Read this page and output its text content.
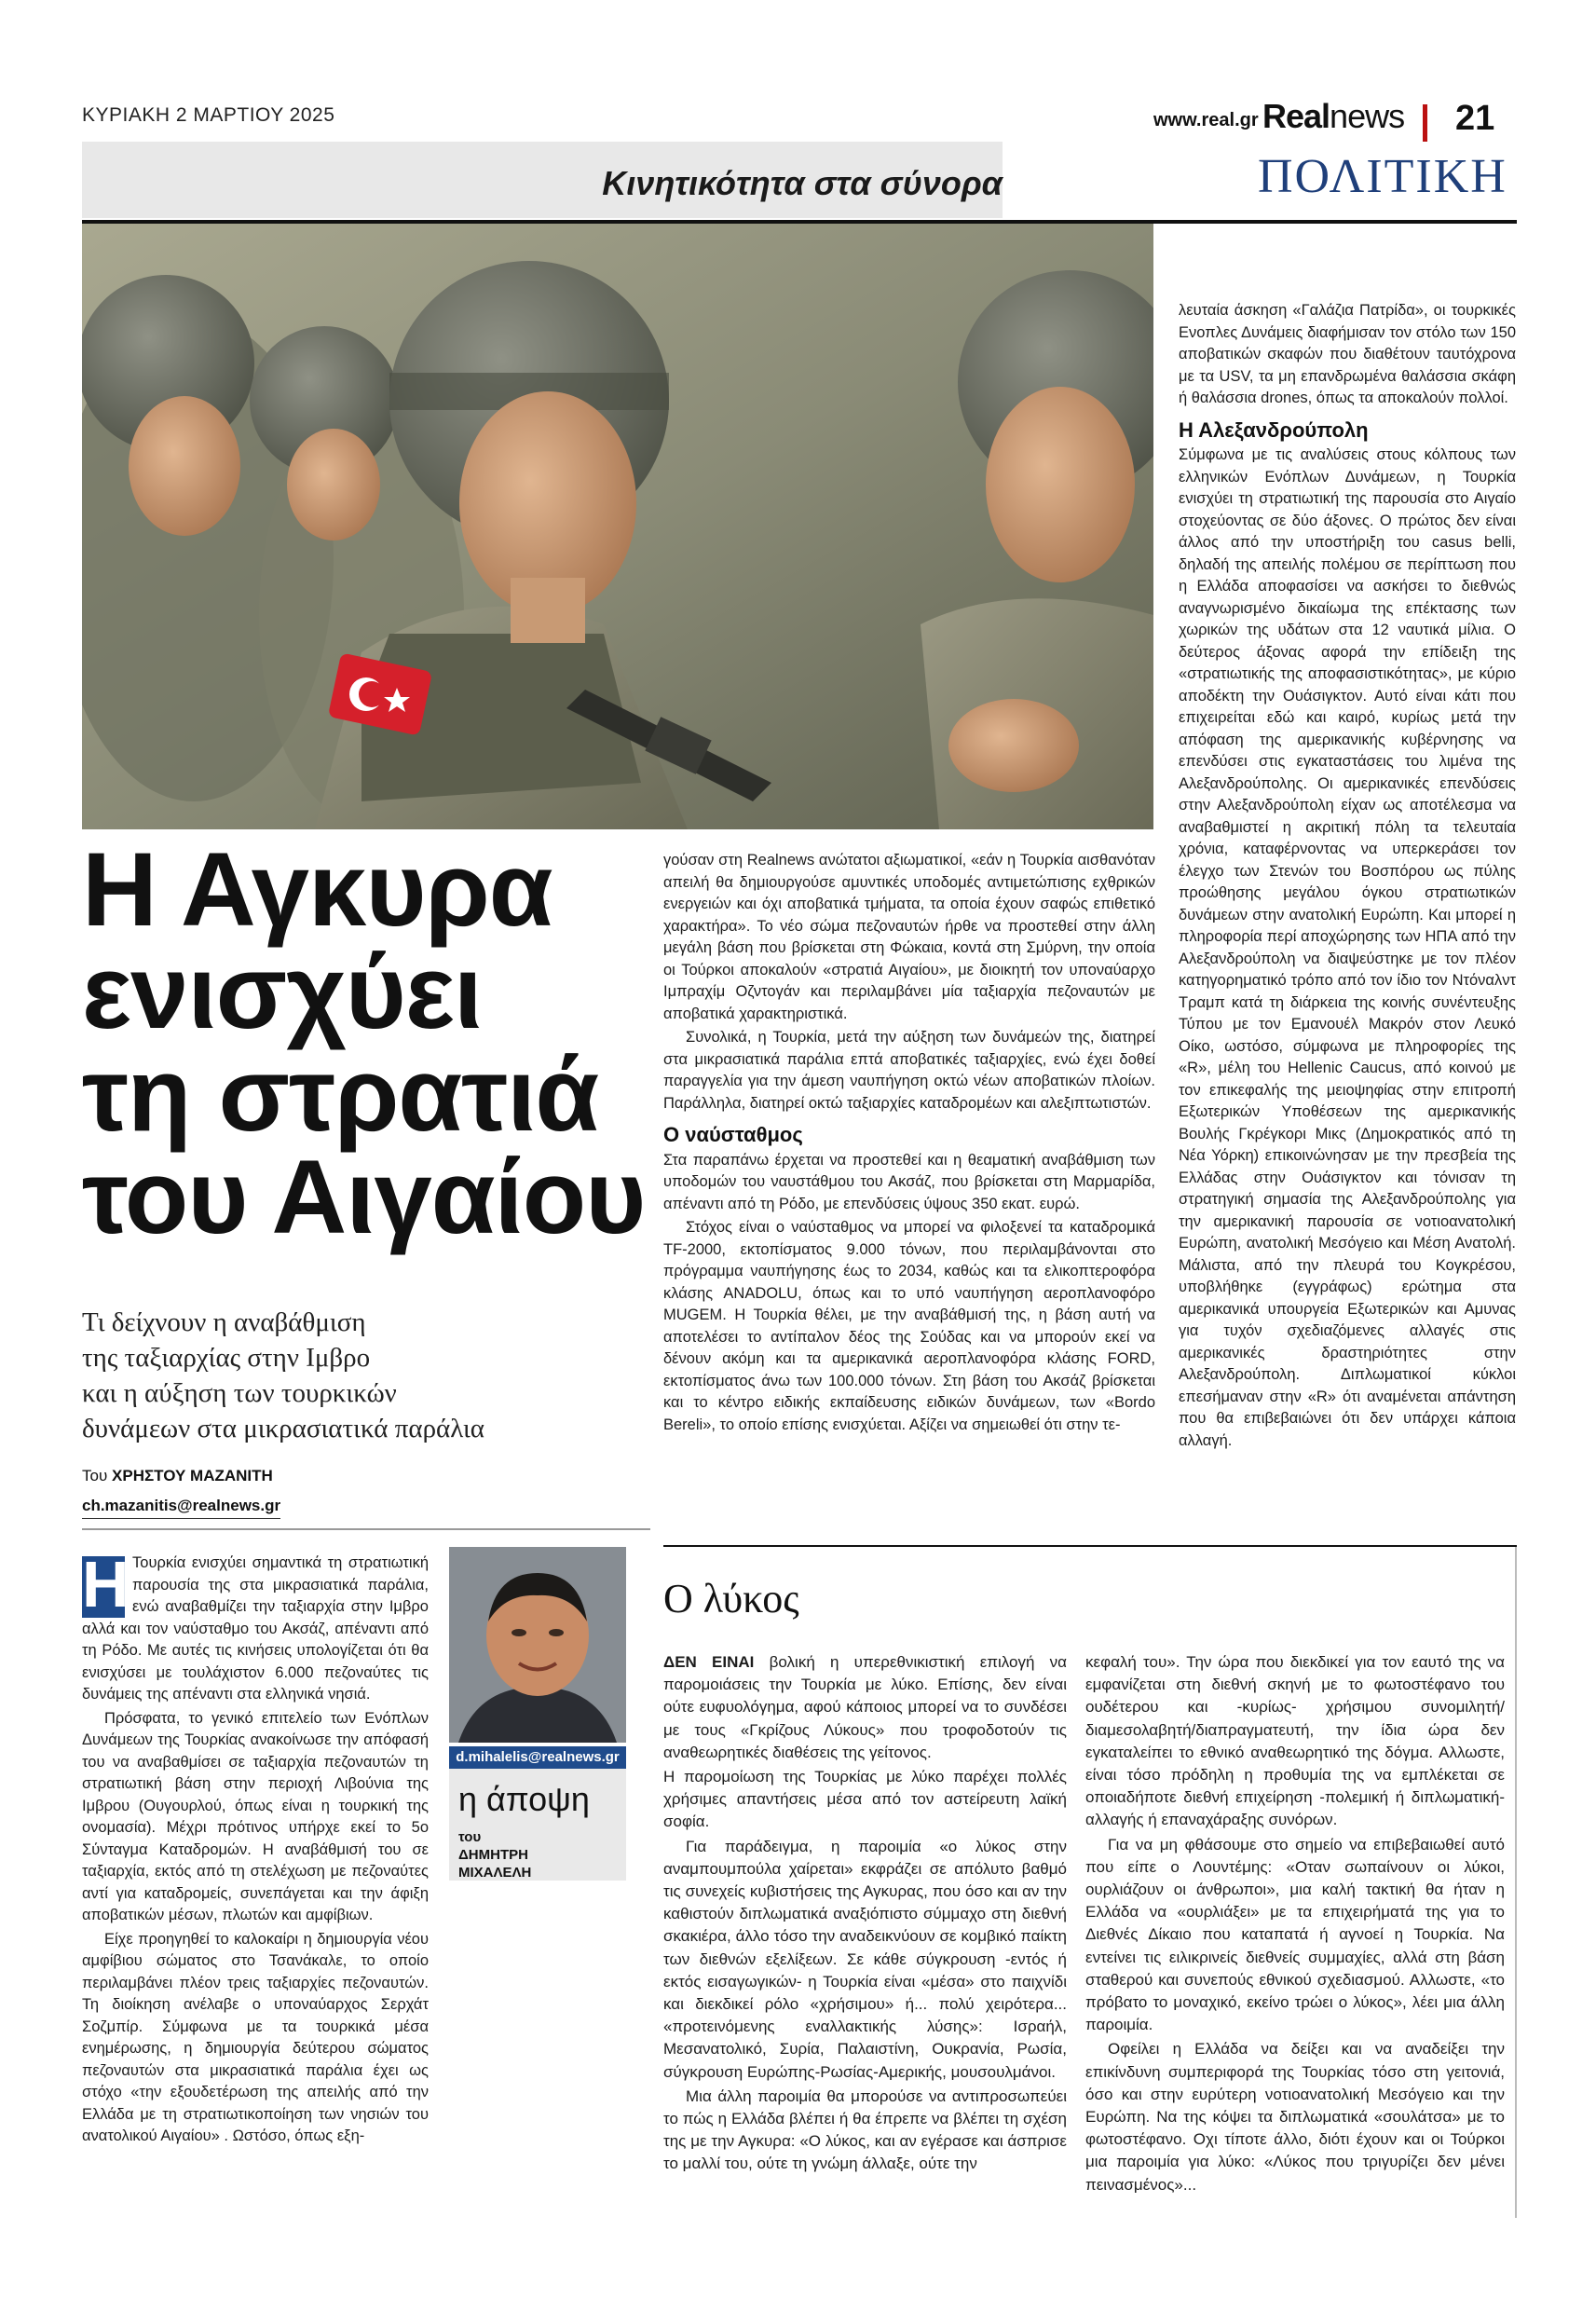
ΚΥΡΙΑΚΗ 2 ΜΑΡΤΙΟΥ 2025	www.real.gr Realnews 21
ΠΟΛΙΤΙΚΗ
Κινητικότητα στα σύνορα
Η Αγκυρα
ενισχύει
τη στρατιά
του Αιγαίου
Τι δείχνουν η αναβάθμιση
της ταξιαρχίας στην Ιμβρο
και η αύξηση των τουρκικών
δυνάμεων στα μικρασιατικά παράλια
Του ΧΡΗΣΤΟΥ ΜΑΖΑΝΙΤΗ
ch.mazanitis@realnews.gr
Η Τουρκία ενισχύει σημαντικά τη στρατιωτική παρουσία της στα μικρασιατικά παράλια, ενώ αναβαθμίζει την ταξιαρχία στην Ιμβρο αλλά και τον ναύσταθμο του Ακσάζ, απέναντι από τη Ρόδο. Με αυτές τις κινήσεις υπολογίζεται ότι θα ενισχύσει με τουλάχιστον 6.000 πεζοναύτες τις δυνάμεις της απέναντι στα ελληνικά νησιά.

Πρόσφατα, το γενικό επιτελείο των Ενόπλων Δυνάμεων της Τουρκίας ανακοίνωσε την απόφασή του να αναβαθμίσει σε ταξιαρχία πεζοναυτών τη στρατιωτική βάση στην περιοχή Λιβούνια της Ιμβρου (Ουγουρλού, όπως είναι η τουρκική της ονομασία). Μέχρι πρότινος υπήρχε εκεί το 5ο Σύνταγμα Καταδρομών. Η αναβάθμισή του σε ταξιαρχία, εκτός από τη στελέχωση με πεζοναύτες αντί για καταδρομείς, συνεπάγεται και την άφιξη αποβατικών μέσων, πλωτών και αμφίβιων.

Είχε προηγηθεί το καλοκαίρι η δημιουργία νέου αμφίβιου σώματος στο Τσανάκαλε, το οποίο περιλαμβάνει πλέον τρεις ταξιαρχίες πεζοναυτών. Τη διοίκηση ανέλαβε ο υποναύαρχος Σερχάτ Σοζμπίρ. Σύμφωνα με τα τουρκικά μέσα ενημέρωσης, η δημιουργία δεύτερου σώματος πεζοναυτών στα μικρασιατικά παράλια έχει ως στόχο «την εξουδετέρωση της απειλής από την Ελλάδα με τη στρατιωτικοποίηση των νησιών του ανατολικού Αιγαίου» . Ωστόσο, όπως εξη-

γούσαν στη Realnews ανώτατοι αξιωματικοί, «εάν η Τουρκία αισθανόταν απειλή θα δημιουργούσε αμυντικές υποδομές αντιμετώπισης εχθρικών ενεργειών και όχι αποβατικά τμήματα, τα οποία έχουν σαφώς επιθετικό χαρακτήρα». Το νέο σώμα πεζοναυτών ήρθε να προστεθεί στην άλλη μεγάλη βάση που βρίσκεται στη Φώκαια, κοντά στη Σμύρνη, την οποία οι Τούρκοι αποκαλούν «στρατιά Αιγαίου», με διοικητή τον υποναύαρχο Ιμπραχίμ Οζντογάν και περιλαμβάνει μία ταξιαρχία πεζοναυτών με αποβατικά χαρακτηριστικά.

Συνολικά, η Τουρκία, μετά την αύξηση των δυνάμεών της, διατηρεί στα μικρασιατικά παράλια επτά αποβατικές ταξιαρχίες, ενώ έχει δοθεί παραγγελία για την άμεση ναυπήγηση οκτώ νέων αποβατικών πλοίων. Παράλληλα, διατηρεί οκτώ ταξιαρχίες καταδρομέων και αλεξιπτωτιστών.

Ο ναύσταθμος

Στα παραπάνω έρχεται να προστεθεί και η θεαματική αναβάθμιση των υποδομών του ναυστάθμου του Ακσάζ, που βρίσκεται στη Μαρμαρίδα, απέναντι από τη Ρόδο, με επενδύσεις ύψους 350 εκατ. ευρώ.

Στόχος είναι ο ναύσταθμος να μπορεί να φιλοξενεί τα καταδρομικά TF-2000, εκτοπίσματος 9.000 τόνων, που περιλαμβάνονται στο πρόγραμμα ναυπήγησης έως το 2034, καθώς και τα ελικοπτεροφόρα κλάσης ANADOLU, όπως και το υπό ναυπήγηση αεροπλανοφόρο MUGEM. Η Τουρκία θέλει, με την αναβάθμισή της, η βάση αυτή να αποτελέσει το αντίπαλον δέος της Σούδας και να μπορούν εκεί να δένουν ακόμη και τα αμερικανικά αεροπλανοφόρα κλάσης FORD, εκτοπίσματος άνω των 100.000 τόνων. Στη βάση του Ακσάζ βρίσκεται και το κέντρο ειδικής εκπαίδευσης ειδικών δυνάμεων, των «Bordo Bereli», το οποίο επίσης ενισχύεται. Αξίζει να σημειωθεί ότι στην τε-

λευταία άσκηση «Γαλάζια Πατρίδα», οι τουρκικές Ενοπλες Δυνάμεις διαφήμισαν τον στόλο των 150 αποβατικών σκαφών που διαθέτουν ταυτόχρονα με τα USV, τα μη επανδρωμένα θαλάσσια σκάφη ή θαλάσσια drones, όπως τα αποκαλούν πολλοί.

Η Αλεξανδρούπολη

Σύμφωνα με τις αναλύσεις στους κόλπους των ελληνικών Ενόπλων Δυνάμεων, η Τουρκία ενισχύει τη στρατιωτική της παρουσία στο Αιγαίο στοχεύοντας σε δύο άξονες. Ο πρώτος δεν είναι άλλος από την υποστήριξη του casus belli, δηλαδή της απειλής πολέμου σε περίπτωση που η Ελλάδα αποφασίσει να ασκήσει το διεθνώς αναγνωρισμένο δικαίωμα της επέκτασης των χωρικών της υδάτων στα 12 ναυτικά μίλια. Ο δεύτερος άξονας αφορά την επίδειξη της «στρατιωτικής της αποφασιστικότητας», με κύριο αποδέκτη την Ουάσιγκτον. Αυτό είναι κάτι που επιχειρείται εδώ και καιρό, κυρίως μετά την απόφαση της αμερικανικής κυβέρνησης να επενδύσει στις εγκαταστάσεις του λιμένα της Αλεξανδρούπολης. Οι αμερικανικές επενδύσεις στην Αλεξανδρούπολη είχαν ως αποτέλεσμα να αναβαθμιστεί η ακριτική πόλη τα τελευταία χρόνια, καταφέρνοντας να υπερκεράσει τον έλεγχο των Στενών του Βοσπόρου ως πύλης προώθησης μεγάλου όγκου στρατιωτικών δυνάμεων στην ανατολική Ευρώπη. Και μπορεί η πληροφορία περί αποχώρησης των ΗΠΑ από την Αλεξανδρούπολη να διαψεύστηκε με τον πλέον κατηγορηματικό τρόπο από τον ίδιο τον Ντόναλντ Τραμπ κατά τη διάρκεια της κοινής συνέντευξης Τύπου με τον Εμανουέλ Μακρόν στον Λευκό Οίκο, ωστόσο, σύμφωνα με πληροφορίες της «R», μέλη του Hellenic Caucus, από κοινού με τον επικεφαλής της μειοψηφίας στην επιτροπή Εξωτερικών Υποθέσεων της αμερικανικής Βουλής Γκρέγκορι Μικς (Δημοκρατικός από τη Νέα Υόρκη) επικοινώνησαν με την πρεσβεία της Ελλάδας στην Ουάσιγκτον και τόνισαν τη στρατηγική σημασία της Αλεξανδρούπολης για την αμερικανική παρουσία σε νοτιοανατολική Ευρώπη, ανατολική Μεσόγειο και Μέση Ανατολή. Μάλιστα, από την πλευρά του Κογκρέσου, υποβλήθηκε (εγγράφως) ερώτημα στα αμερικανικά υπουργεία Εξωτερικών και Αμυνας για τυχόν σχεδιαζόμενες αλλαγές στις αμερικανικές δραστηριότητες στην Αλεξανδρούπολη. Διπλωματικοί κύκλοι επεσήμαναν στην «R» ότι αναμένεται απάντηση που θα επιβεβαιώνει ότι δεν υπάρχει κάποια αλλαγή.

d.mihalelis@realnews.gr
η άποψη
του
ΔΗΜΗΤΡΗ
ΜΙΧΑΛΕΛΗ
Ο λύκος

ΔΕΝ ΕΙΝΑΙ βολική η υπερεθνικιστική επιλογή να παρομοιάσεις την Τουρκία με λύκο. Επίσης, δεν είναι ούτε ευφυολόγημα, αφού κάποιος μπορεί να το συνδέσει με τους «Γκρίζους Λύκους» που τροφοδοτούν τις αναθεωρητικές διαθέσεις της γείτονος.

Η παρομοίωση της Τουρκίας με λύκο παρέχει πολλές χρήσιμες απαντήσεις μέσα από τον αστείρευτη λαϊκή σοφία.

Για παράδειγμα, η παροιμία «ο λύκος στην αναμπουμπούλα χαίρεται» εκφράζει σε απόλυτο βαθμό τις συνεχείς κυβιστήσεις της Αγκυρας, που όσο και αν την καθιστούν διπλωματικά αναξιόπιστο σύμμαχο στη διεθνή σκακιέρα, άλλο τόσο την αναδεικνύουν σε κομβικό παίκτη των διεθνών εξελίξεων. Σε κάθε σύγκρουση -εντός ή εκτός εισαγωγικών- η Τουρκία είναι «μέσα» στο παιχνίδι και διεκδικεί ρόλο «χρήσιμου» ή... πολύ χειρότερα... «προτεινόμενης εναλλακτικής λύσης»: Ισραήλ, Μεσανατολικό, Συρία, Παλαιστίνη, Ουκρανία, Ρωσία, σύγκρουση Ευρώπης-Ρωσίας-Αμερικής, μουσουλμάνοι.

Μια άλλη παροιμία θα μπορούσε να αντιπροσωπεύει το πώς η Ελλάδα βλέπει ή θα έπρεπε να βλέπει τη σχέση της με την Αγκυρα: «Ο λύκος, και αν εγέρασε και άσπρισε το μαλλί του, ούτε τη γνώμη άλλαξε, ούτε την

κεφαλή του». Την ώρα που διεκδικεί για τον εαυτό της να εμφανίζεται στη διεθνή σκηνή με το φωτοστέφανο του ουδέτερου και -κυρίως- χρήσιμου συνομιλητή/διαμεσολαβητή/διαπραγματευτή, την ίδια ώρα δεν εγκαταλείπει το εθνικό αναθεωρητικό της δόγμα. Αλλωστε, είναι τόσο πρόδηλη η προθυμία της να εμπλέκεται σε οποιαδήποτε διεθνή επιχείρηση -πολεμική ή διπλωματική- αλλαγής ή επαναχάραξης συνόρων.

Για να μη φθάσουμε στο σημείο να επιβεβαιωθεί αυτό που είπε ο Λουντέμης: «Οταν σωπαίνουν οι λύκοι, ουρλιάζουν οι άνθρωποι», μια καλή τακτική θα ήταν η Ελλάδα να «ουρλιάξει» με τα επιχειρήματά της για το Διεθνές Δίκαιο που καταπατά ή αγνοεί η Τουρκία. Να εντείνει τις ειλικρινείς διεθνείς συμμαχίες, αλλά στη βάση σταθερού και συνεπούς εθνικού σχεδιασμού. Αλλωστε, «το πρόβατο το μοναχικό, εκείνο τρώει ο λύκος», λέει μια άλλη παροιμία.

Οφείλει η Ελλάδα να δείξει και να αναδείξει την επικίνδυνη συμπεριφορά της Τουρκίας τόσο στη γειτονιά, όσο και στην ευρύτερη νοτιοανατολική Μεσόγειο και την Ευρώπη. Να της κόψει τα διπλωματικά «σουλάτσα» με το φωτοστέφανο. Οχι τίποτε άλλο, διότι έχουν και οι Τούρκοι μια παροιμία για λύκο: «Λύκος που τριγυρίζει δεν μένει πεινασμένος»...
